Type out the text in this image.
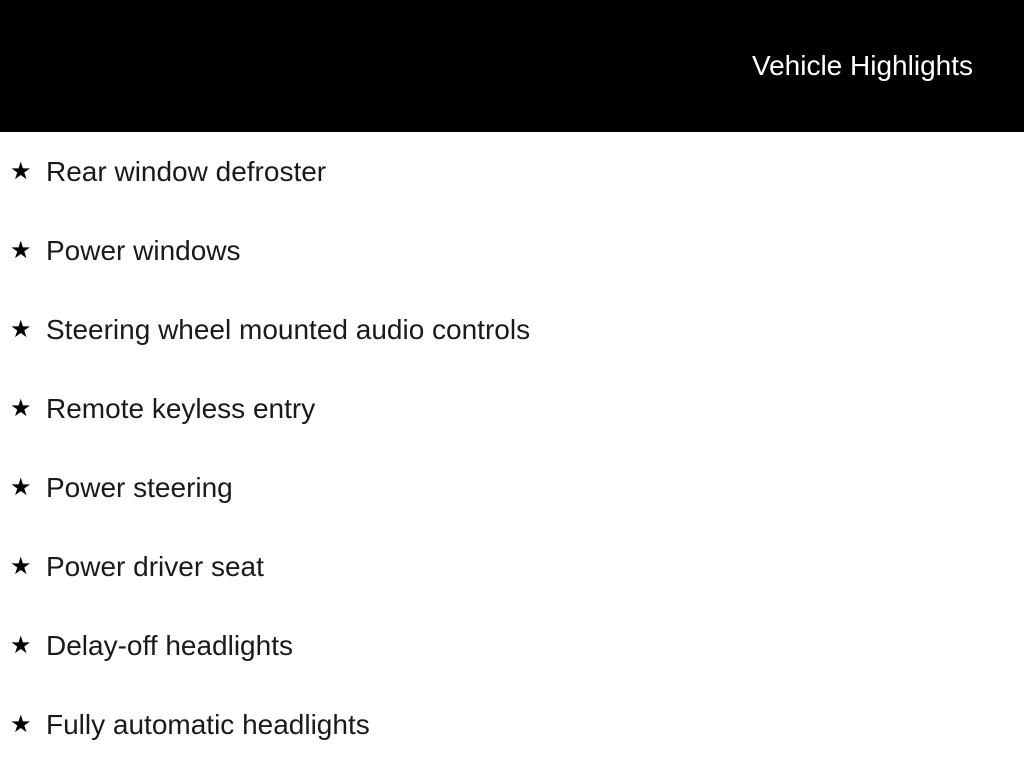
Vehicle Highlights
★ Rear window defroster
★ Power windows
★ Steering wheel mounted audio controls
★ Remote keyless entry
★ Power steering
★ Power driver seat
★ Delay-off headlights
★ Fully automatic headlights
